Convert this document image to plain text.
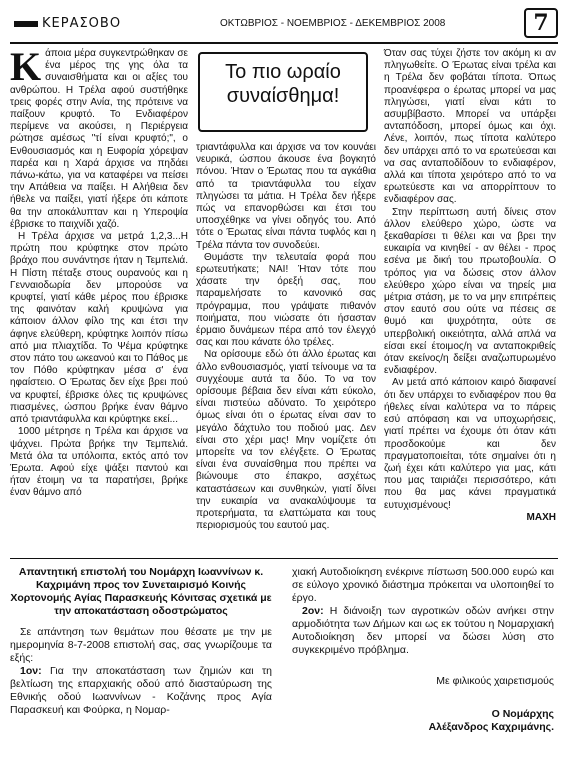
ΚΕΡΑΣΟΒΟ	ΟΚΤΩΒΡΙΟΣ - ΝΟΕΜΒΡΙΟΣ - ΔΕΚΕΜΒΡΙΟΣ 2008	7
Κ άποια μέρα συγκεντρώθηκαν σε ένα μέρος της γης όλα τα συναισθήματα και οι αξίες του ανθρώπου. Η Τρέλα αφού συστήθηκε τρεις φορές στην Ανία, της πρότεινε να παίξουν κρυφτό. Το Ενδιαφέρον περίμενε να ακούσει, η Περιέργεια ρώτησε αμέσως "τί είναι κρυφτό;", ο Ενθουσιασμός και η Ευφορία χόρεψαν παρέα και η Χαρά άρχισε να πηδάει πάνω-κάτω, για να καταφέρει να πείσει την Απάθεια να παίξει. Η Αλήθεια δεν ήθελε να παίξει, γιατί ήξερε ότι κάποτε θα την αποκάλυπταν και η Υπεροψία έβρισκε το παιχνίδι χαζό.

Η Τρέλα άρχισε να μετρά 1,2,3...Η πρώτη που κρύφτηκε στον πρώτο βράχο που συνάντησε ήταν η Τεμπελιά. Η Πίστη πέταξε στους ουρανούς και η Γενναιοδωρία δεν μπορούσε να κρυφτεί, γιατί κάθε μέρος που έβρισκε της φαινόταν καλή κρυψώνα για κάποιον άλλον φίλο της και έτσι την άφηνε ελεύθερη, κρύφτηκε λοιπόν πίσω από μια πλιαχτίδα. Το Ψέμα κρύφτηκε στον πάτο του ωκεανού και το Πάθος με τον Πόθο κρύφτηκαν μέσα σ' ένα ηφαίστειο. Ο Έρωτας δεν είχε βρει πού να κρυφτεί, έβρισκε όλες τις κρυψώνες πιασμένες, ώσπου βρήκε έναν θάμνο από τριαντάφυλλα και κρύφτηκε εκεί...

1000 μέτρησε η Τρέλα και άρχισε να ψάχνει. Πρώτα βρήκε την Τεμπελιά. Μετά όλα τα υπόλοιπα, εκτός από τον Έρωτα. Αφού είχε ψάξει παντού και ήταν έτοιμη να τα παρατήσει, βρήκε έναν θάμνο από

Το πιο ωραίο
συναίσθημα!

τριαντάφυλλα και άρχισε να τον κουνάει νευρικά, ώσπου άκουσε ένα βογκητό πόνου. Ήταν ο Έρωτας που τα αγκάθια από τα τριαντάφυλλα του είχαν πληγώσει τα μάτια. Η Τρέλα δεν ήξερε πώς να επανορθώσει και έτσι του υποσχέθηκε να γίνει οδηγός του. Από τότε ο Έρωτας είναι πάντα τυφλός και η Τρέλα πάντα τον συνοδεύει.

Θυμάστε την τελευταία φορά που ερωτευτήκατε; ΝΑΙ! Ήταν τότε που χάσατε την όρεξή σας, που παραμελήσατε το κανονικό σας πρόγραμμα, που γράψατε πιθανόν ποιήματα, που νιώσατε ότι ήσασταν έρμαιο δυνάμεων πέρα από τον έλεγχό σας και που κάνατε όλο τρέλες.

Να ορίσουμε εδώ ότι άλλο έρωτας και άλλο ενθουσιασμός, γιατί τείνουμε να τα συγχέουμε αυτά τα δύο. Το να τον ορίσουμε βέβαια δεν είναι κάτι εύκολο, είναι πιστεύω αδύνατο. Το χειρότερο όμως είναι ότι ο έρωτας είναι σαν το μεγάλο δάχτυλο του ποδιού μας. Δεν είναι στο χέρι μας! Μην νομίζετε ότι μπορείτε να τον ελέγξετε. Ο Έρωτας είναι ένα συναίσθημα που πρέπει να βιώνουμε στο έπακρο, ασχέτως καταστάσεων και συνθηκών, γιατί δίνει την ευκαιρία να ανακαλύψουμε τα προτερήματα, τα ελαττώματα και τους περιορισμούς του εαυτού μας.

Όταν σας τύχει ζήστε τον ακόμη κι αν πληγωθείτε. Ο Έρωτας είναι τρέλα και η Τρέλα δεν φοβάται τίποτα. Όπως προανέφερα ο έρωτας μπορεί να μας πληγώσει, γιατί είναι κάτι το ασυμβίβαστο. Μπορεί να υπάρξει ανταπόδοση, μπορεί όμως και όχι. Λένε, λοιπόν, πως τίποτα καλύτερο δεν υπάρχει από το να ερωτεύεσαι και να σας ανταποδίδουν το ενδιαφέρον, αλλά και τίποτα χειρότερο από το να ερωτεύεστε και να απορρίπτουν το ενδιαφέρον σας.

Στην περίπτωση αυτή δίνεις στον άλλον ελεύθερο χώρο, ώστε να ξεκαθαρίσει τι θέλει και να βρει την ευκαιρία να κινηθεί - αν θέλει - προς εσένα με δική του πρωτοβουλία. Ο τρόπος για να δώσεις στον άλλον ελεύθερο χώρο είναι να τηρείς μια μέτρια στάση, με το να μην επιτρέπεις στον εαυτό σου ούτε να πέσεις σε θυμό και ψυχρότητα, ούτε σε υπερβολική οικειότητα, αλλά απλά να είσαι εκεί έτοιμος/η να ανταποκριθείς όταν εκείνος/η δείξει αναζωπυρωμένο ενδιαφέρον.

Αν μετά από κάποιον καιρό διαφανεί ότι δεν υπάρχει το ενδιαφέρον που θα ήθελες είναι καλύτερα να το πάρεις εσύ απόφαση και να υποχωρήσεις, γιατί πρέπει να έχουμε ότι όταν κάτι προσδοκούμε και δεν πραγματοποιείται, τότε σημαίνει ότι η ζωή έχει κάτι καλύτερο για μας, κάτι που μας ταιριάζει περισσότερο, κάτι που θα μας κάνει πραγματικά ευτυχισμένους!

ΜΑΧΗ
Απαντητική επιστολή του Νομάρχη Ιωαννίνων κ. Καχριμάνη προς τον Συνεταιρισμό Κοινής Χορτονομής Αγίας Παρασκευής Κόνιτσας σχετικά με την αποκατάσταση οδοστρώματος

Σε απάντηση των θεμάτων που θέσατε με την με ημερομηνία 8-7-2008 επιστολή σας, σας γνωρίζουμε τα εξής:

1ον: Για την αποκατάσταση των ζημιών και τη βελτίωση της επαρχιακής οδού από διασταύρωση της Εθνικής οδού Ιωαννίνων - Κοζάνης προς Αγία Παρασκευή και Φούρκα, η Νομαρ-

χιακή Αυτοδιοίκηση ενέκρινε πίστωση 500.000 ευρώ και σε εύλογο χρονικό διάστημα πρόκειται να υλοποιηθεί το έργο.

2ον: Η διάνοιξη των αγροτικών οδών ανήκει στην αρμοδιότητα των Δήμων και ως εκ τούτου η Νομαρχιακή Αυτοδιοίκηση δεν μπορεί να δώσει λύση στο συγκεκριμένο πρόβλημα.

Με φιλικούς χαιρετισμούς

Ο Νομάρχης

Αλέξανδρος Καχριμάνης.
